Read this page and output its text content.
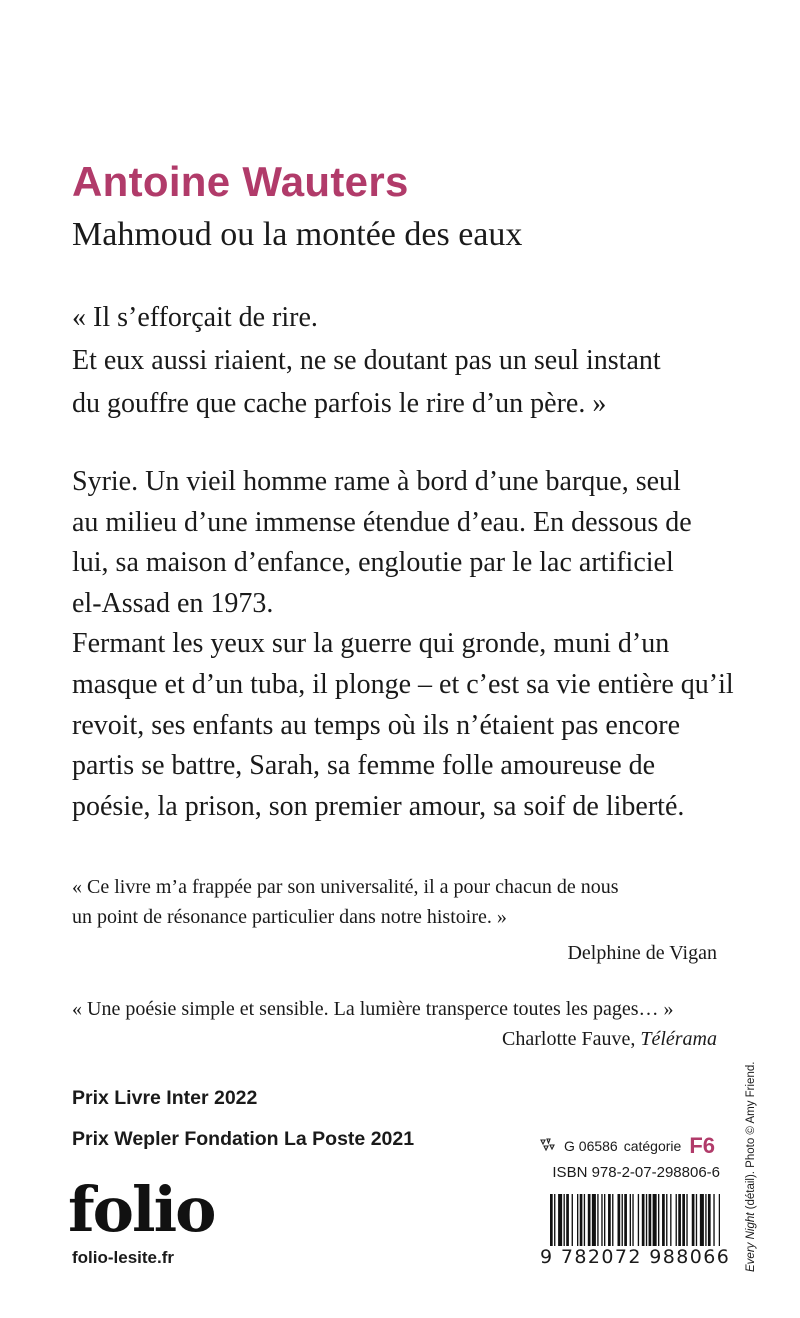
Antoine Wauters
Mahmoud ou la montée des eaux

« Il s’efforçait de rire.

Et eux aussi riaient, ne se doutant pas un seul instant

du gouffre que cache parfois le rire d’un père. »

Syrie. Un vieil homme rame à bord d’une barque, seul

au milieu d’une immense étendue d’eau. En dessous de

lui, sa maison d’enfance, engloutie par le lac artificiel

el-Assad en 1973.

Fermant les yeux sur la guerre qui gronde, muni d’un

masque et d’un tuba, il plonge – et c’est sa vie entière qu’il

revoit, ses enfants au temps où ils n’étaient pas encore

partis se battre, Sarah, sa femme folle amoureuse de

poésie, la prison, son premier amour, sa soif de liberté.

« Ce livre m’a frappée par son universalité, il a pour chacun de nous
un point de résonance particulier dans notre histoire. »
Delphine de Vigan
« Une poésie simple et sensible. La lumière transperce toutes les pages… »
Charlotte Fauve, Télérama
Prix Livre Inter 2022
Prix Wepler Fondation La Poste 2021
folio
folio-lesite.fr
G 06586 catégorie F6
ISBN 978-2-07-298806-6
9 782072 988066 Every Night (détail). Photo © Amy Friend.
